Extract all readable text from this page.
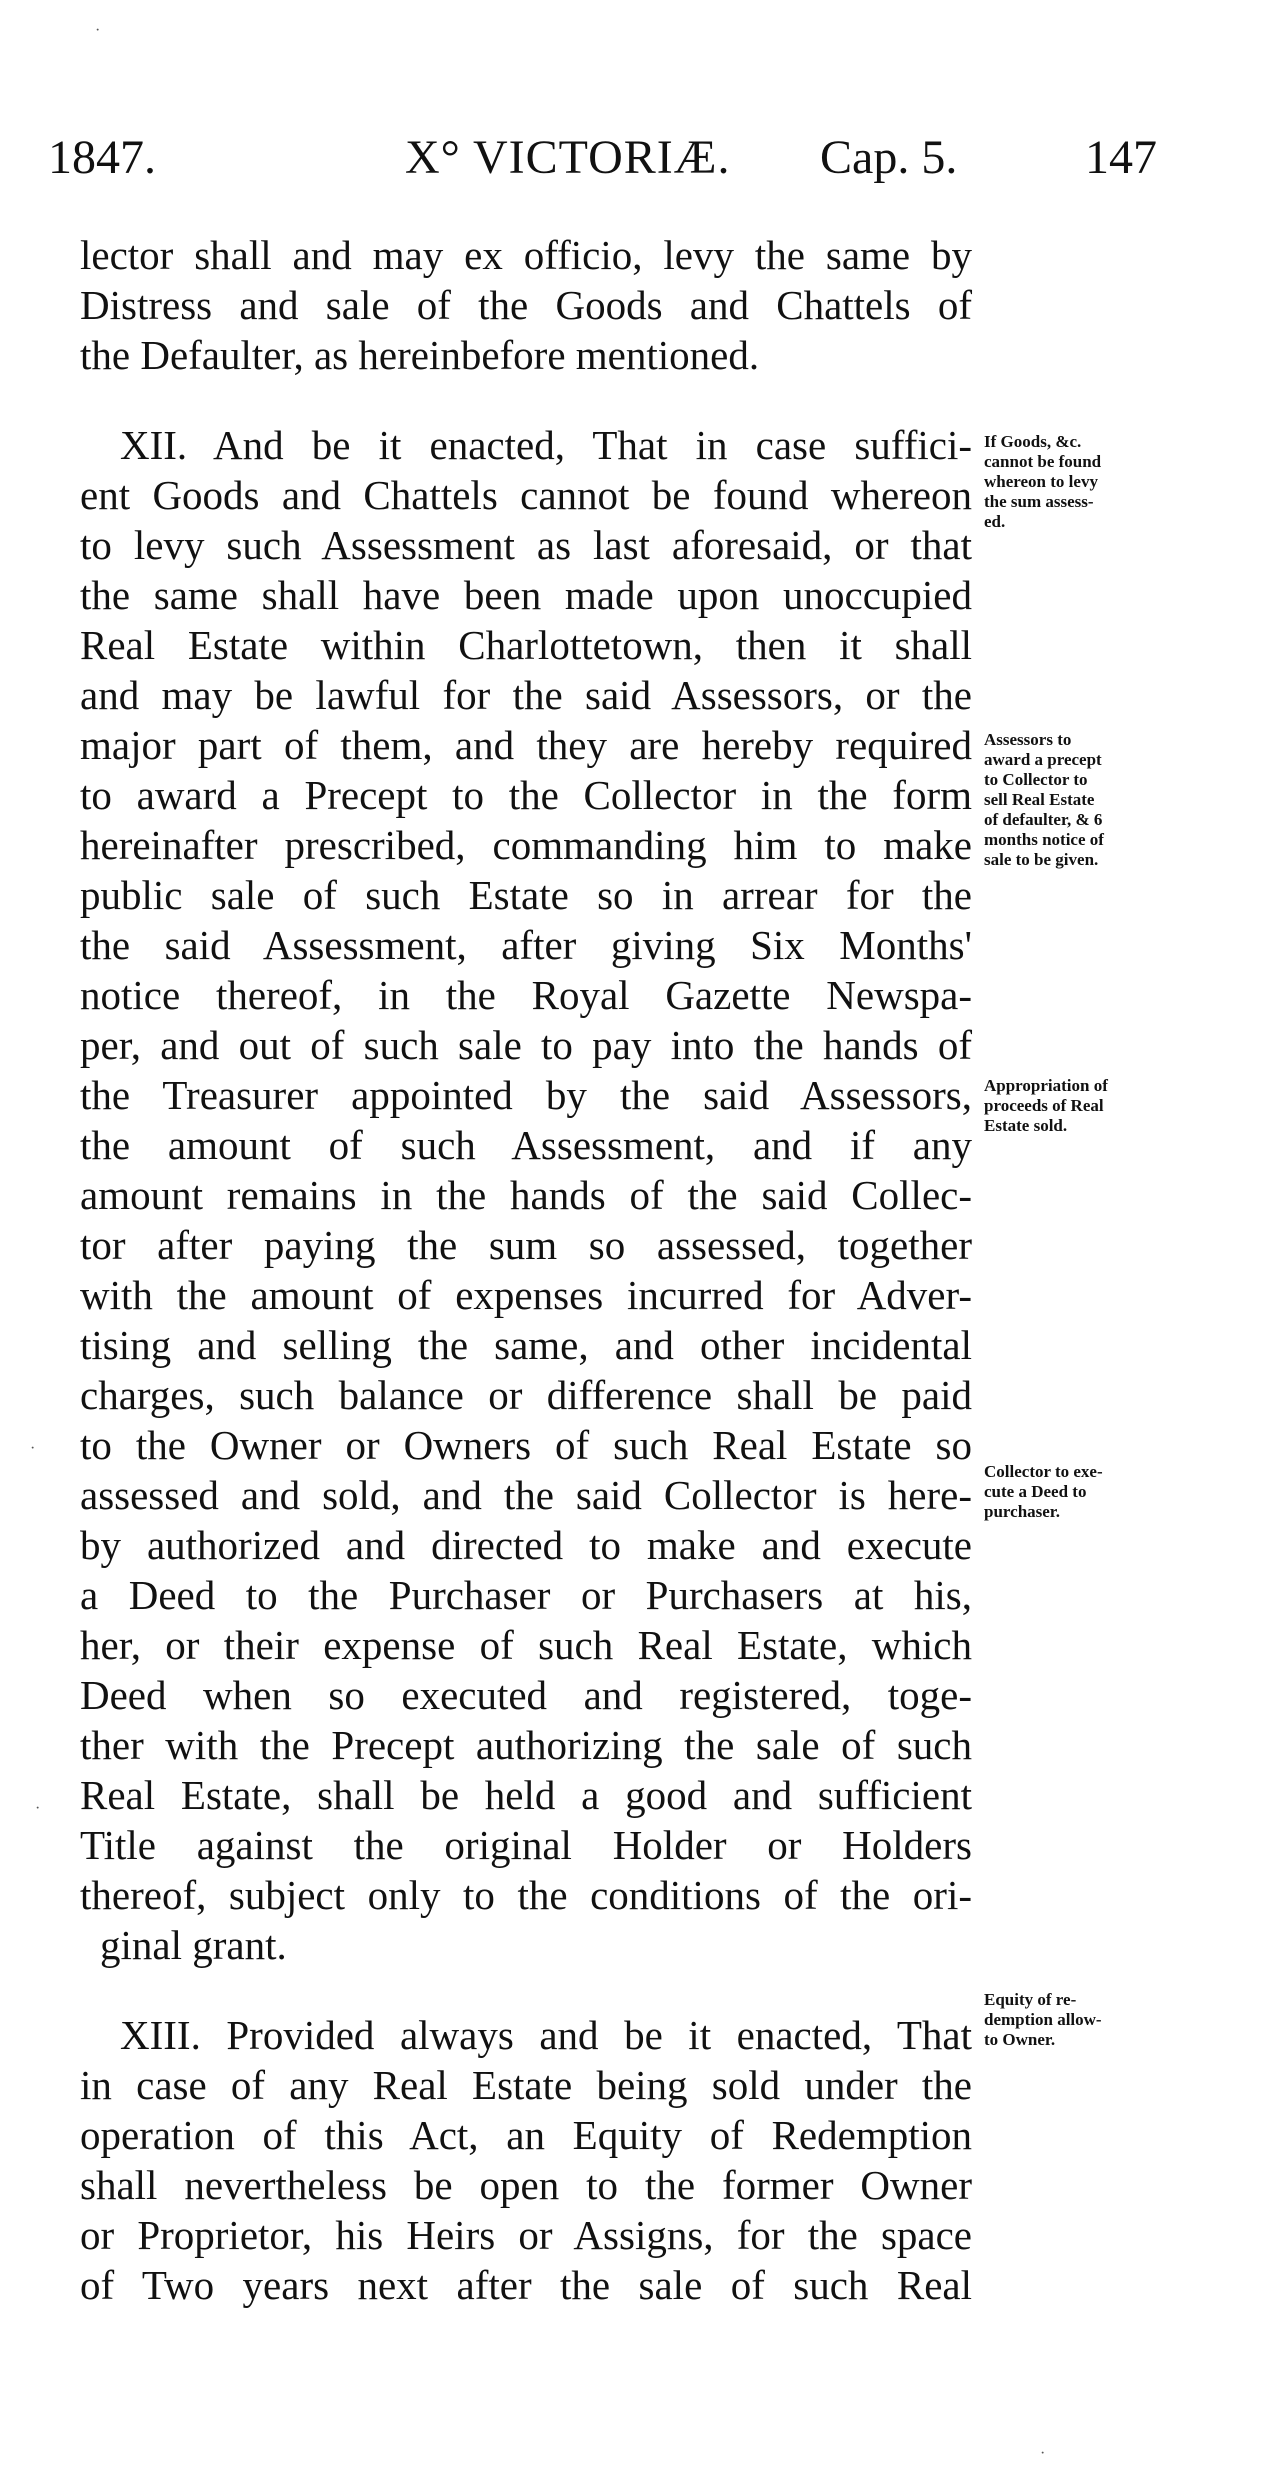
1847.	X° VICTORIÆ. Cap. 5.	147
lector shall and may ex officio, levy the same by
Distress and sale of the Goods and Chattels of
the Defaulter, as hereinbefore mentioned.
XII. And be it enacted, That in case suffici-
ent Goods and Chattels cannot be found whereon
to levy such Assessment as last aforesaid, or that
the same shall have been made upon unoccupied
Real Estate within Charlottetown, then it shall
and may be lawful for the said Assessors, or the
major part of them, and they are hereby required
to award a Precept to the Collector in the form
hereinafter prescribed, commanding him to make
public sale of such Estate so in arrear for the
the said Assessment, after giving Six Months'
notice thereof, in the Royal Gazette Newspa-
per, and out of such sale to pay into the hands of
the Treasurer appointed by the said Assessors,
the amount of such Assessment, and if any
amount remains in the hands of the said Collec-
tor after paying the sum so assessed, together
with the amount of expenses incurred for Adver-
tising and selling the same, and other incidental
charges, such balance or difference shall be paid
to the Owner or Owners of such Real Estate so
assessed and sold, and the said Collector is here-
by authorized and directed to make and execute
a Deed to the Purchaser or Purchasers at his,
her, or their expense of such Real Estate, which
Deed when so executed and registered, toge-
ther with the Precept authorizing the sale of such
Real Estate, shall be held a good and sufficient
Title against the original Holder or Holders
thereof, subject only to the conditions of the ori-
ginal grant.
XIII. Provided always and be it enacted, That
in case of any Real Estate being sold under the
operation of this Act, an Equity of Redemption
shall nevertheless be open to the former Owner
or Proprietor, his Heirs or Assigns, for the space
of Two years next after the sale of such Real
If Goods, &c.
cannot be found
whereon to levy
the sum assess-
ed.
Assessors to
award a precept
to Collector to
sell Real Estate
of defaulter, & 6
months notice of
sale to be given.
Appropriation of
proceeds of Real
Estate sold.
Collector to exe-
cute a Deed to
purchaser.
Equity of re-
demption allow-
to Owner.
·
·
·
·
